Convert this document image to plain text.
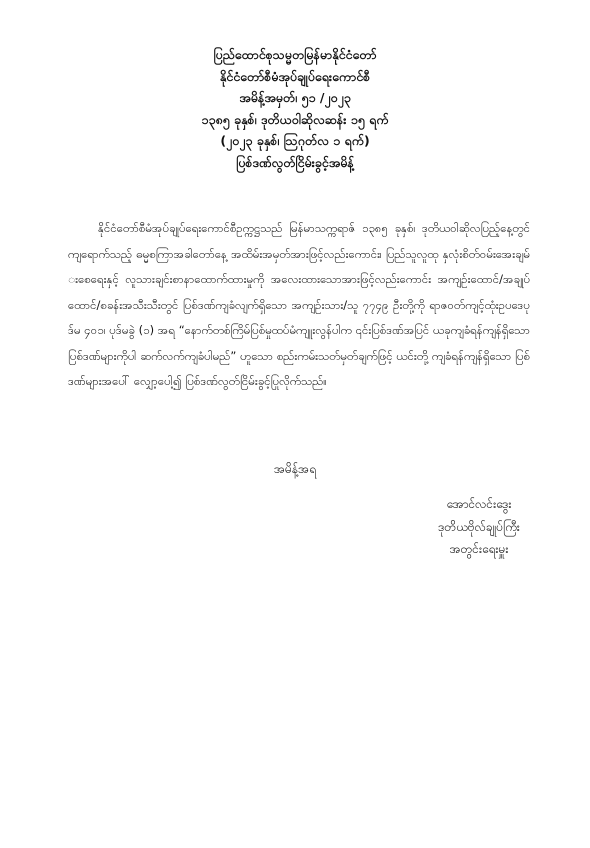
ပြည်ထောင်စုသမ္မတမြန်မာနိုင်ငံတော်
နိုင်ငံတော်စီမံအုပ်ချုပ်ရေးကောင်စီ
အမိန့်အမှတ်၊ ၅၁ /၂၀၂၃
၁၃၈၅ ခုနှစ်၊ ဒုတိယဝါဆိုလဆန်း ၁၅ ရက်
(၂၀၂၃ ခုနှစ်၊ ဩဂုတ်လ ၁ ရက်)
ပြစ်ဒဏ်လွတ်ငြိမ်းခွင့်အမိန့်
နိုင်ငံတော်စီမံအုပ်ချုပ်ရေးကောင်စီဥက္ကဋ္ဌသည် မြန်မာသက္ကရာဇ် ၁၃၈၅ ခုနှစ်၊ ဒုတိယဝါဆိုလပြည့်နေ့တွင် ကျရောက်သည့် ဓမ္မစကြာအခါတော်နေ့ အထိမ်းအမှတ်အားဖြင့်လည်းကောင်း၊ ပြည်သူလူထု နှလုံးစိတ်ဝမ်းအေးချမ်းစေရေးနှင့် လူသားချင်းစာနာထောက်ထားမှုကို အလေးထားသောအားဖြင့်လည်းကောင်း အကျဉ်းထောင်/အချုပ်ထောင်/စခန်းအသီးသီးတွင် ပြစ်ဒဏ်ကျခံလျက်ရှိသော အကျဉ်းသား/သူ ၇၇၄၉ ဦးတို့ကို ရာဇဝတ်ကျင့်ထုံးဥပဒေပုဒ်မ ၄၀၁၊ ပုဒ်မခွဲ (၁) အရ “နောက်တစ်ကြိမ်ပြစ်မှုထပ်မံကျူးလွန်ပါက ၎င်းပြစ်ဒဏ်အပြင် ယခုကျခံရန်ကျန်ရှိသော ပြစ်ဒဏ်များကိုပါ ဆက်လက်ကျခံပါမည်” ဟူသော စည်းကမ်းသတ်မှတ်ချက်ဖြင့် ယင်းတို့ ကျခံရန်ကျန်ရှိသော ပြစ်ဒဏ်များအပေါ် လျှော့ပေါ့၍ ပြစ်ဒဏ်လွတ်ငြိမ်းခွင့်ပြုလိုက်သည်။
အမိန့်အရ
အောင်လင်းဒွေး
ဒုတိယဗိုလ်ချုပ်ကြီး
အတွင်းရေးမှူး
